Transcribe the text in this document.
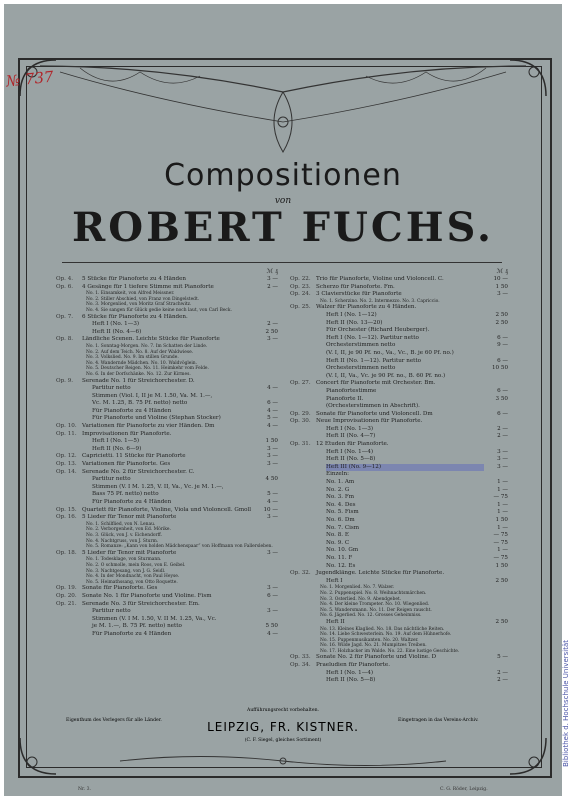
№ 737
Bibliothek d. Hochschule Universität
Compositionen
von
ROBERT FUCHS.
ℳ ₰
Op. 4.	5 Stücke für Pianoforte zu 4 Händen	3 —
Op. 6.	4 Gesänge für 1 tiefere Stimme mit Pianoforte	2 —
No. 1. Einsamkeit, von Alfred Meissner.
No. 2. Stiller Abschied, von Franz von Dingelstedt.
No. 3. Morgenlied, von Moritz Graf Strachwitz.
No. 4. Sie sangen für Glück gedie keine noch laut, von Carl Beck.
Op. 7.	6 Stücke für Pianoforte zu 4 Händen.
Heft I (No. 1—3)	2 —
Heft II (No. 4—6)	2 50
Op. 8.	Ländliche Scenen. Leichte Stücke für Pianoforte	3 —
No. 1. Sonntag-Morgen. No. 7. Im Schatten der Linde.
No. 2. Auf dem Teich. No. 8. Auf der Waldwiese.
No. 3. Volkslied. No. 9. Im stillen Grunde.
No. 4. Wandernde Mädchen. No. 10. Waldvöglein.
No. 5. Deutscher Reigen. No. 11. Heimkehr vom Felde.
No. 6. In der Dorfschänke. No. 12. Zur Kirmes.
Op. 9.	Serenade No. 1 für Streichorchester. D.
Partitur netto	4 —
Stimmen (Viol. I, II je M. 1.50, Va. M. 1.—,
Vc. M. 1.25, B. 75 Pf. netto) netto	6 —
Für Pianoforte zu 4 Händen	4 —
Für Pianoforte und Violine (Stephan Stocker)	5 —
Op. 10. Variationen für Pianoforte zu vier Händen. Dm	4 —
Op. 11. Improvisationen für Pianoforte.
Heft I (No. 1—5)	1 50
Heft II (No. 6—9)	3 —
Op. 12. Capricietti. 11 Stücke für Pianoforte	3 —
Op. 13. Variationen für Pianoforte. Ges	3 —
Op. 14. Serenade No. 2 für Streichorchester. C.
Partitur netto	4 50
Stimmen (V. I M. 1.25, V. II, Va., Vc. je M. 1.—,
Bass 75 Pf. netto) netto	5 —
Für Pianoforte zu 4 Händen	4 —
Op. 15. Quartett für Pianoforte, Violine, Viola und Violoncell. Gmoll	10 —
Op. 16. 5 Lieder für Tenor mit Pianoforte	3 —
No. 1. Schilflied, von N. Lenau.
No. 2. Verborgenheit, von Ed. Mörike.
No. 3. Glück, von J. v. Eichendorff.
No. 4. Nachtgruss, von J. Sturm.
No. 5. Romanze: „Kann von holden Mädchenspaar“ von Hoffmann von Fallersleben.
Op. 18. 5 Lieder für Tenor mit Pianoforte	3 —
No. 1. Todesklage, von Sturmann.
No. 2. O schmolle, mein Roos, von E. Geibel.
No. 3. Nachtgesang, von J. G. Seidl.
No. 4. In der Mondnacht, von Paul Heyse.
No. 5. Heimathssang, von Otto Roquette.
Op. 19. Sonate für Pianoforte. Ges	3 —
Op. 20. Sonate No. 1 für Pianoforte und Violine. Fism	6 —
Op. 21. Serenade No. 3 für Streichorchester. Em.
Partitur netto	3 —
Stimmen (V. I M. 1.50, V. II M. 1.25, Va., Vc.
je M. 1.—, B. 75 Pf. netto) netto	5 50
Für Pianoforte zu 4 Händen	4 —
ℳ ₰
Op. 22. Trio für Pianoforte, Violine und Violoncell. C.	10 —
Op. 23. Scherzo für Pianoforte. Fm.	1 50
Op. 24. 3 Clavierstücke für Pianoforte	3 —
No. 1. Scherzino. No. 2. Intermezzo. No. 3. Capriccio.
Op. 25. Walzer für Pianoforte zu 4 Händen.
Heft I (No. 1—12)	2 50
Heft II (No. 13—20)	2 50
Für Orchester (Richard Heuberger).
Heft I (No. 1—12). Partitur netto	6 —
Orchesterstimmen netto	9 —
(V. I, II, je 90 Pf. no., Va., Vc., B. je 60 Pf. no.)
Heft II (No. 1—12). Partitur netto	6 —
Orchesterstimmen netto	10 50
(V. I, II, Va., Vc. je 90 Pf. no., B. 60 Pf. no.)
Op. 27. Concert für Pianoforte mit Orchester. Bm.
Pianofortestimme	6 —
Pianoforte II.	3 50
(Orchesterstimmen in Abschrift).
Op. 29. Sonate für Pianoforte und Violoncell. Dm	6 —
Op. 30. Neue Improvisationen für Pianoforte.
Heft I (No. 1—3)	2 —
Heft II (No. 4—7)	2 —
Op. 31. 12 Etuden für Pianoforte.
Heft I (No. 1—4)	3 —
Heft II (No. 5—8)	3 —
Heft III (No. 9—12)	3 —
Einzeln:
No. 1. Am	1 —
No. 2. G	1 —
No. 3. Fm	— 75
No. 4. Des	1 —
No. 5. Fism	1 —
No. 6. Dm	1 50
No. 7. Cism	1 —
No. 8. E	— 75
No. 9. C	— 75
No. 10. Gm	1 —
No. 11. F	— 75
No. 12. Es	1 50
Op. 32. Jugendklänge. Leichte Stücke für Pianoforte.
Heft I	2 50
No. 1. Morgenlied. No. 7. Walzer.
No. 2. Puppenspiel. No. 8. Weihnachtsmärchen.
No. 3. Osterlied. No. 9. Abendgebet.
No. 4. Der kleine Trompeter. No. 10. Wiegenlied.
No. 5. Wandersmann. No. 11. Der Reigen rauscht.
No. 6. Jägerlied. No. 12. Grosses Geheimniss.
Heft II	2 50
No. 13. Kleines Klaglied. No. 18. Das nächtliche Reiten.
No. 14. Liebe Schwesterlein. No. 19. Auf dem Hühnerhofe.
No. 15. Puppenmusikanten. No. 20. Waltzer.
No. 16. Wilde Jagd. No. 21. Mumpitzes Treiben.
No. 17. Holzhacker im Walde. No. 22. Eine lustige Geschichte.
Op. 33. Sonate No. 2 für Pianoforte und Violine. D	5 —
Op. 34. Praeludien für Pianoforte.
Heft I (No. 1—4)	2 —
Heft II (No. 5—8)	2 —
Aufführungsrecht vorbehalten.
Eigenthum des Verlegers für alle Länder.	Eingetragen in das Vereins-Archiv.
LEIPZIG, FR. KISTNER.
(C. F. Siegel, gleiches Sortiment)
Nr. 3.	C. G. Röder, Leipzig.
